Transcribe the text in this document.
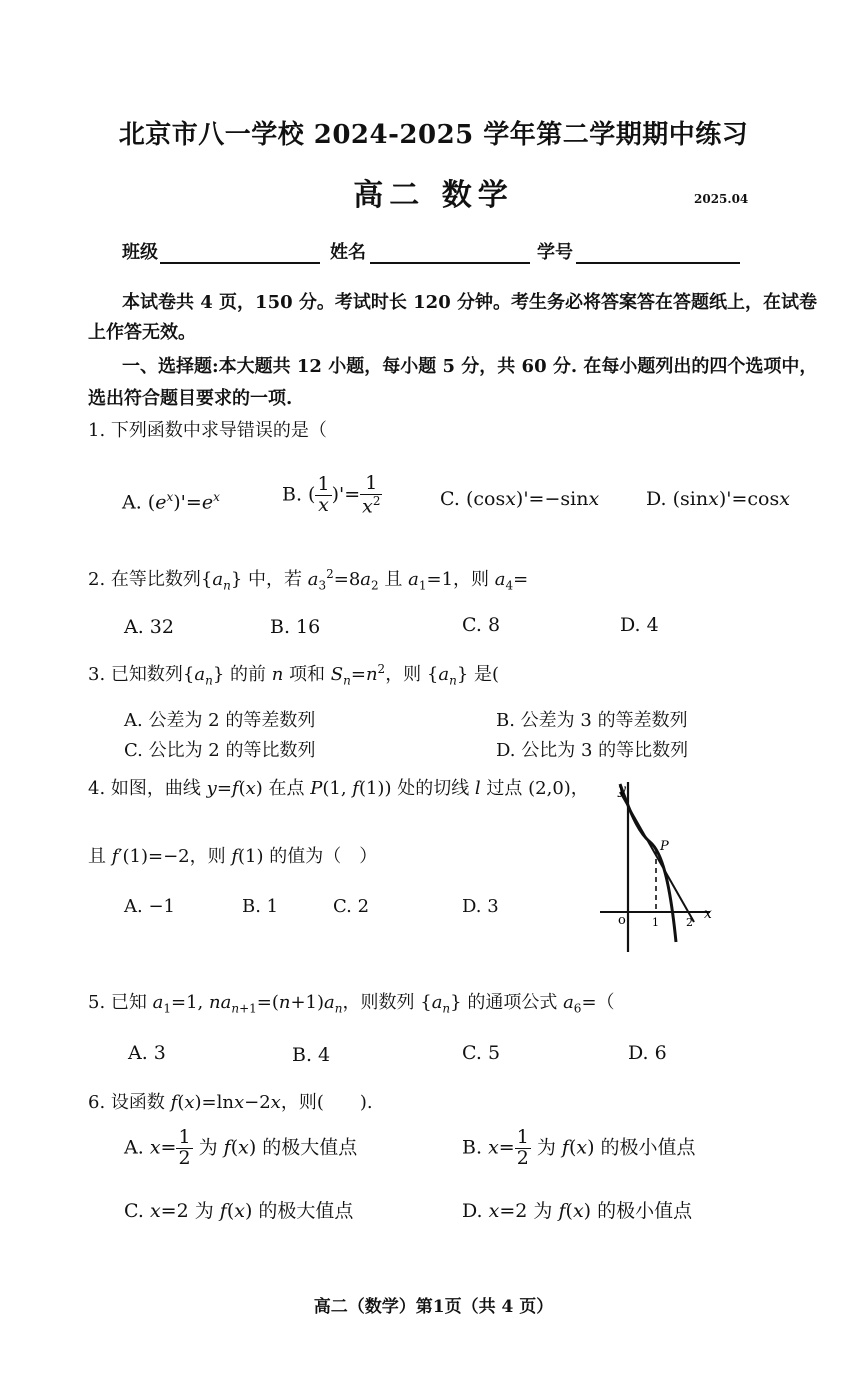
北京市八一学校 2024-2025 学年第二学期期中练习
高二 数学	2025.04
班级	姓名	学号
本试卷共 4 页，150 分。考试时长 120 分钟。考生务必将答案答在答题纸上，在试卷
上作答无效。
一、选择题:本大题共 12 小题，每小题 5 分，共 60 分. 在每小题列出的四个选项中，
选出符合题目要求的一项.
1. 下列函数中求导错误的是（
A. $(e^x)'=e^x$	B. ( $\frac{1}{x}$ )'= $\frac{1}{x^2}$	C. (cosx)'=−sinx D. (sinx)'=cosx
2. 在等比数列$\{a_n\}$ 中，若 $a_3^2=8a_2$ 且 $a_1=1$，则 $a_4=$
A. 32	B. 16	C. 8	D. 4
3. 已知数列$\{a_n\}$ 的前 n 项和 $S_n=n^2$，则 $\{a_n\}$ 是(
A. 公差为 2 的等差数列	B. 公差为 3 的等差数列
C. 公比为 2 的等比数列	D. 公比为 3 的等比数列
4. 如图，曲线 y=f(x) 在点 P(1, f(1)) 处的切线 l 过点 (2,0)，
且 f′(1)=−2，则 f(1) 的值为（　）
A. −1	B. 1	C. 2	D. 3
y
x
o
P
1 2
5. 已知 $a_1=1$, $na_{n+1}=(n+1)a_n$，则数列 $\{a_n\}$ 的通项公式 $a_6=$（
A. 3	B. 4	C. 5	D. 6
6. 设函数 f(x)=lnx−2x，则(　　).
A. $x= \frac{1}{2}$ 为 f(x) 的极大值点	B. $x= \frac{1}{2}$ 为 f(x) 的极小值点
C. x=2 为 f(x) 的极大值点	D. x=2 为 f(x) 的极小值点
高二（数学）第1页（共 4 页）
